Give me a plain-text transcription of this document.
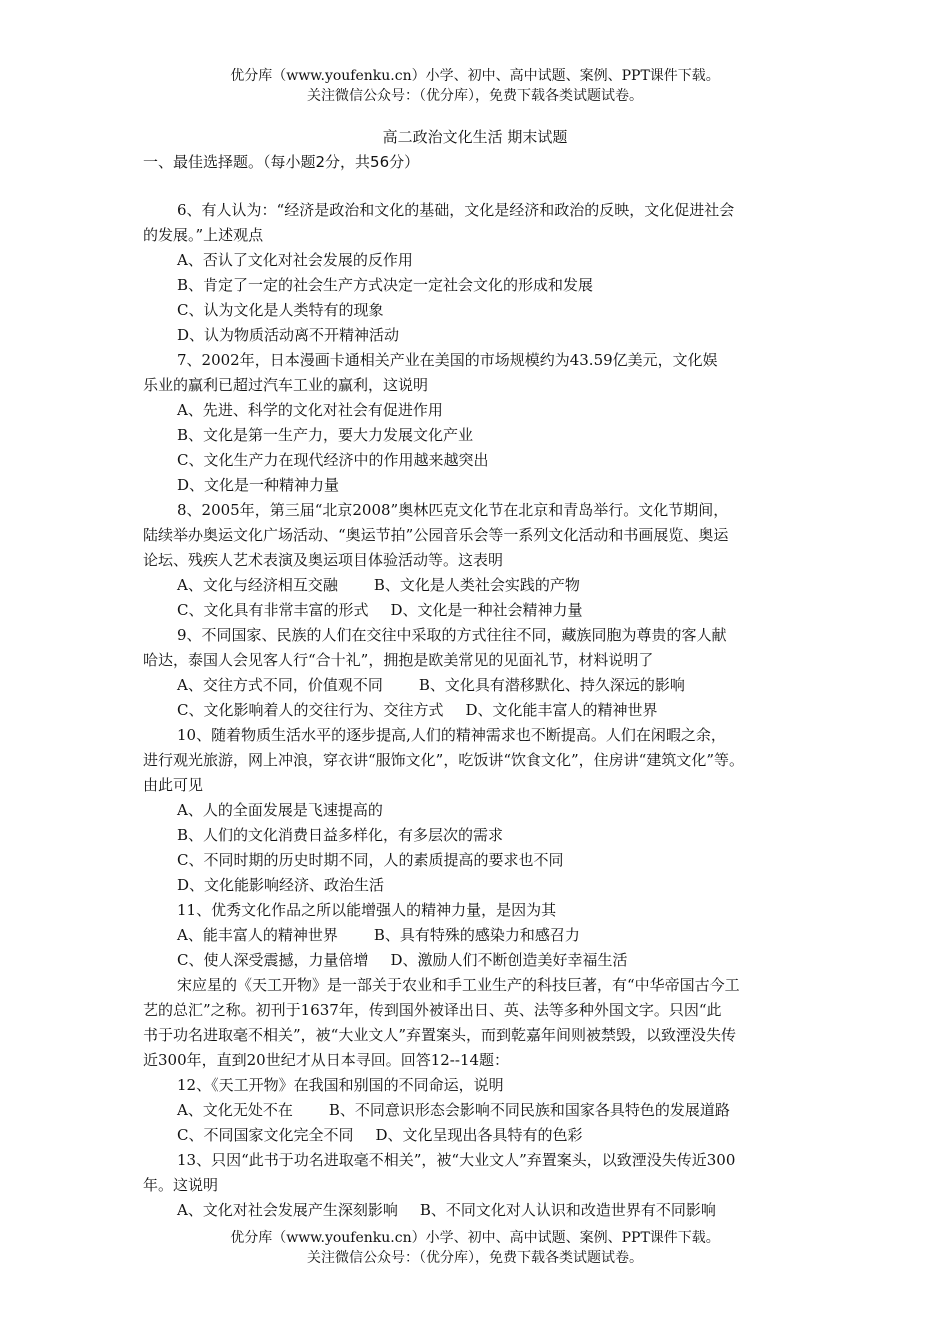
优分库（www.youfenku.cn）小学、初中、高中试题、案例、PPT课件下载。
关注微信公众号：（优分库），免费下载各类试题试卷。
高二政治文化生活 期末试题
一、最佳选择题。（每小题2分，共56分）
6、有人认为：“经济是政治和文化的基础，文化是经济和政治的反映，文化促进社会
的发展。”上述观点
A、否认了文化对社会发展的反作用
B、肯定了一定的社会生产方式决定一定社会文化的形成和发展
C、认为文化是人类特有的现象
D、认为物质活动离不开精神活动
7、2002年，日本漫画卡通相关产业在美国的市场规模约为43.59亿美元，文化娱
乐业的赢利已超过汽车工业的赢利，这说明
A、先进、科学的文化对社会有促进作用
B、文化是第一生产力，要大力发展文化产业
C、文化生产力在现代经济中的作用越来越突出
D、文化是一种精神力量
8、2005年，第三届“北京2008”奥林匹克文化节在北京和青岛举行。文化节期间，
陆续举办奥运文化广场活动、“奥运节拍”公园音乐会等一系列文化活动和书画展览、奥运
论坛、残疾人艺术表演及奥运项目体验活动等。这表明
A、文化与经济相互交融 B、文化是人类社会实践的产物
C、文化具有非常丰富的形式 D、文化是一种社会精神力量
9、不同国家、民族的人们在交往中采取的方式往往不同，藏族同胞为尊贵的客人献
哈达，泰国人会见客人行“合十礼”，拥抱是欧美常见的见面礼节，材料说明了
A、交往方式不同，价值观不同 B、文化具有潜移默化、持久深远的影响
C、文化影响着人的交往行为、交往方式 D、文化能丰富人的精神世界
10、随着物质生活水平的逐步提高,人们的精神需求也不断提高。人们在闲暇之余，
进行观光旅游，网上冲浪，穿衣讲“服饰文化”，吃饭讲“饮食文化”，住房讲“建筑文化”等。
由此可见
A、人的全面发展是飞速提高的
B、人们的文化消费日益多样化，有多层次的需求
C、不同时期的历史时期不同，人的素质提高的要求也不同
D、文化能影响经济、政治生活
11、优秀文化作品之所以能增强人的精神力量，是因为其
A、能丰富人的精神世界 B、具有特殊的感染力和感召力
C、使人深受震撼，力量倍增 D、激励人们不断创造美好幸福生活
宋应星的《天工开物》是一部关于农业和手工业生产的科技巨著，有“中华帝国古今工
艺的总汇”之称。初刊于1637年，传到国外被译出日、英、法等多种外国文字。只因“此
书于功名进取毫不相关”，被“大业文人”弃置案头，而到乾嘉年间则被禁毁，以致湮没失传
近300年，直到20世纪才从日本寻回。回答12--14题：
12、《天工开物》在我国和别国的不同命运，说明
A、文化无处不在 B、不同意识形态会影响不同民族和国家各具特色的发展道路
C、不同国家文化完全不同 D、文化呈现出各具特有的色彩
13、只因“此书于功名进取毫不相关”，被“大业文人”弃置案头，以致湮没失传近300
年。这说明
A、文化对社会发展产生深刻影响 B、不同文化对人认识和改造世界有不同影响
优分库（www.youfenku.cn）小学、初中、高中试题、案例、PPT课件下载。
关注微信公众号：（优分库），免费下载各类试题试卷。
